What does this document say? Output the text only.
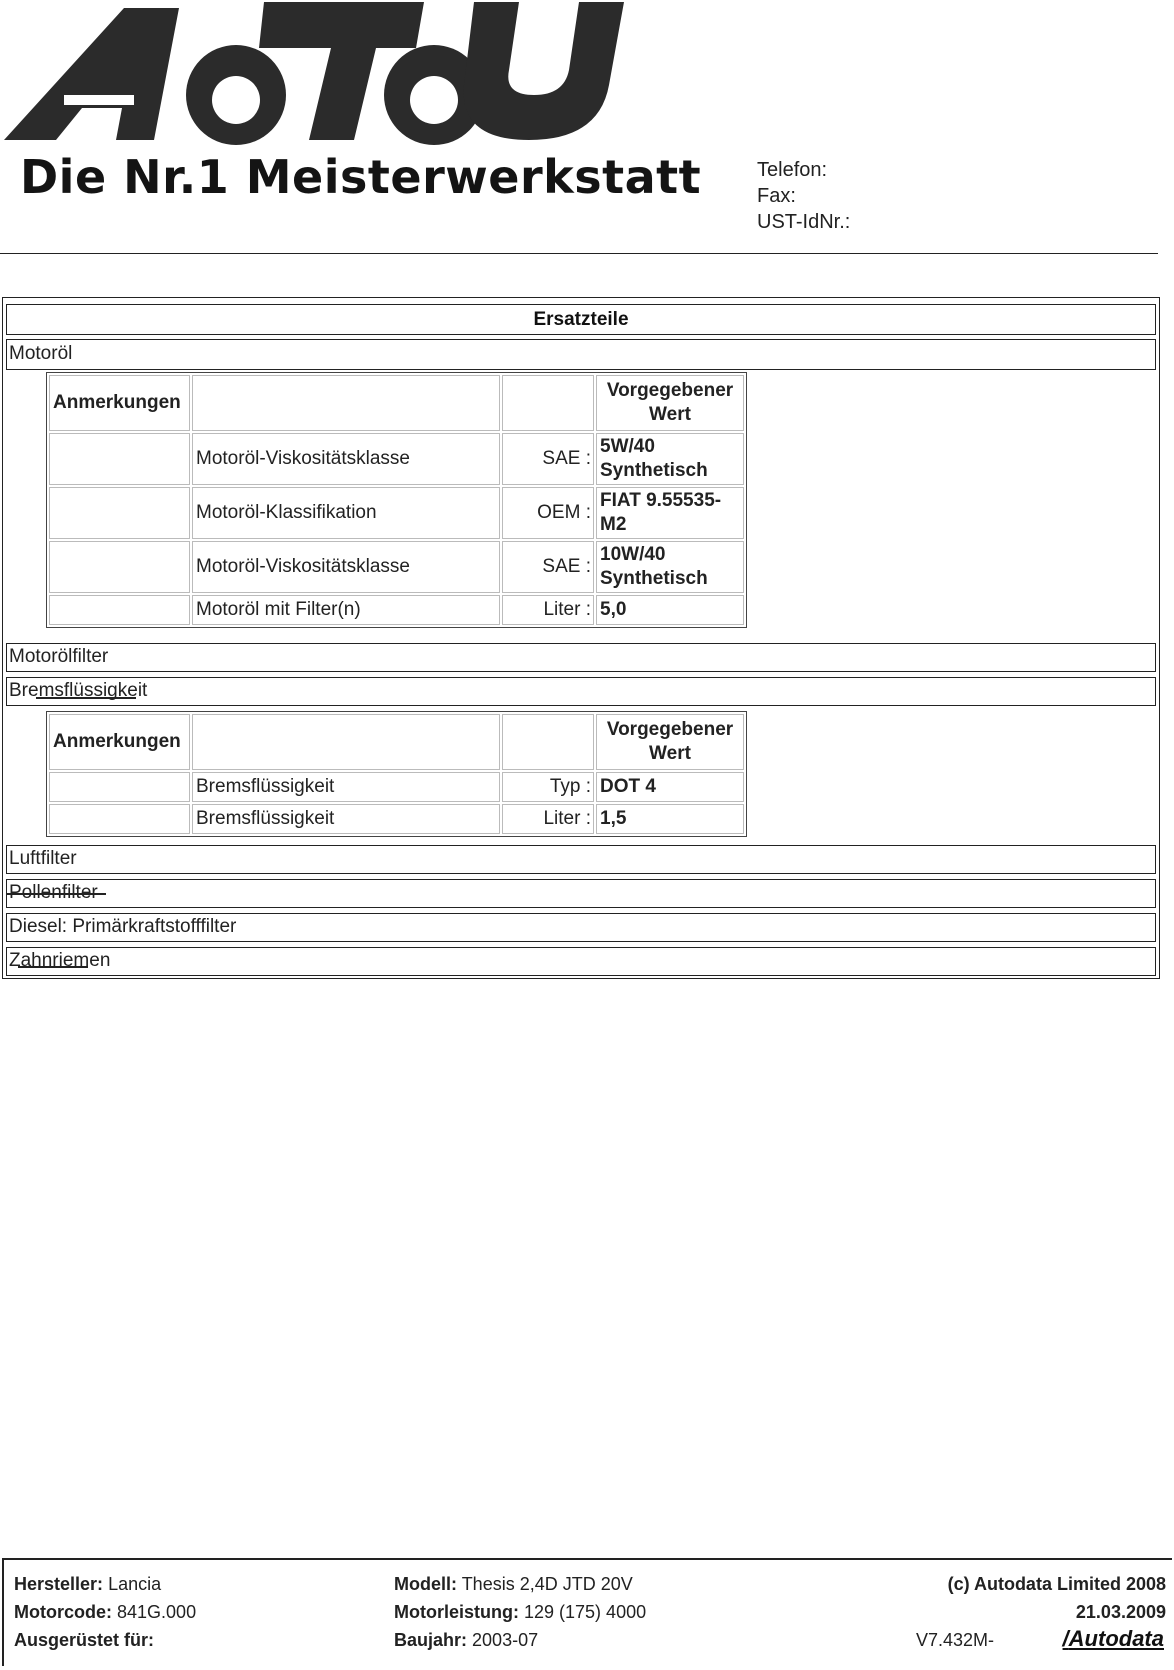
Die Nr.1 Meisterwerkstatt	Telefon:
Fax:
UST-IdNr.:
Ersatzteile
Motoröl
Anmerkungen			Vorgegebener
Wert

	Motoröl-Viskositätsklasse	SAE :	5W/40
Synthetisch

	Motoröl-Klassifikation	OEM :	FIAT 9.55535-
M2

	Motoröl-Viskositätsklasse	SAE :	10W/40
Synthetisch

	Motoröl mit Filter(n)	Liter :	5,0
Motorölfilter
Bremsflüssigkeit
Anmerkungen			Vorgegebener
Wert

	Bremsflüssigkeit	Typ :	DOT 4
	Bremsflüssigkeit	Liter :	1,5
Luftfilter
Pollenfilter
Diesel: Primärkraftstofffilter
Zahnriemen
Hersteller: Lancia
Motorcode: 841G.000
Ausgerüstet für:
Modell: Thesis 2,4D JTD 20V
Motorleistung: 129 (175) 4000
Baujahr: 2003-07
(c) Autodata Limited 2008
21.03.2009
V7.432M-	/Autodata
